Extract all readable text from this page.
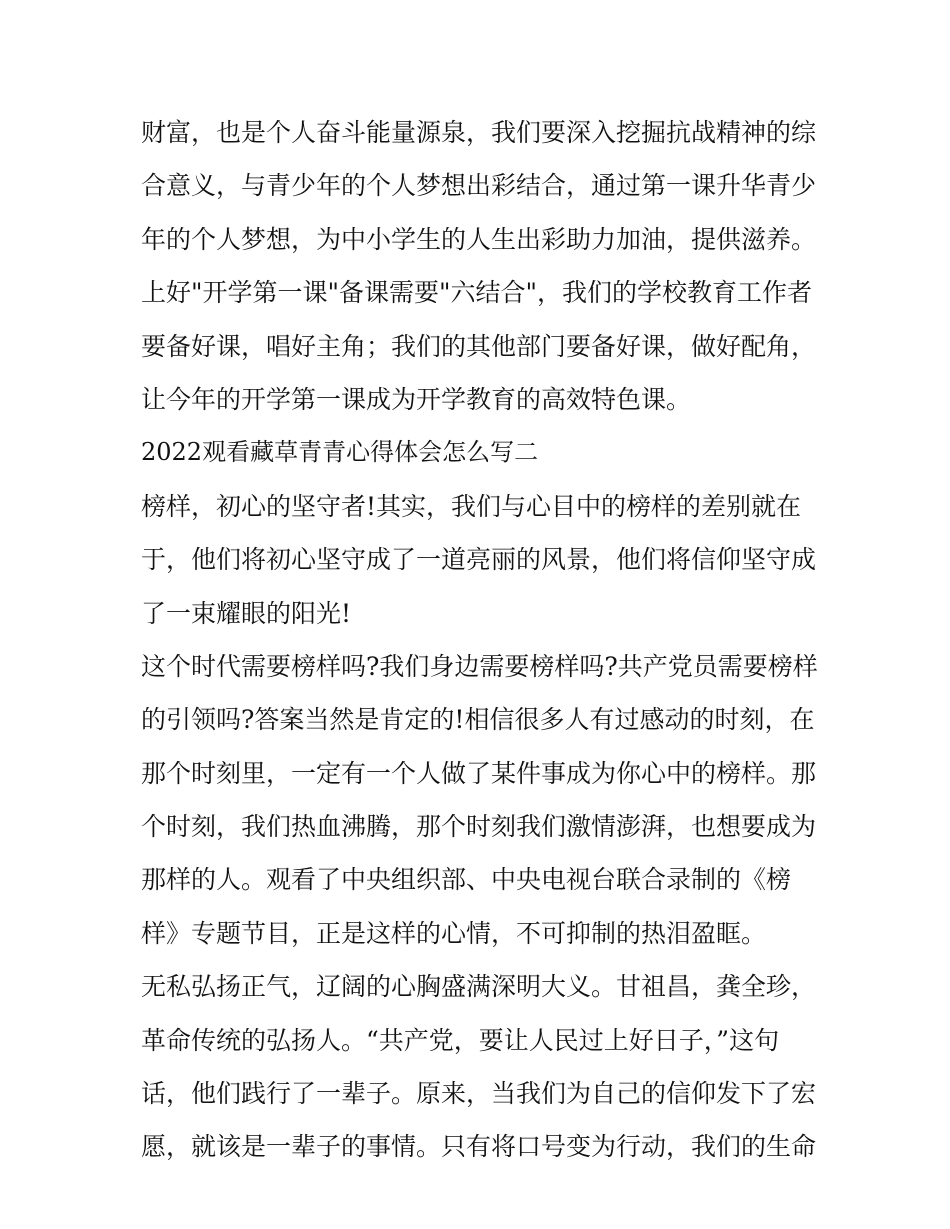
财富，也是个人奋斗能量源泉，我们要深入挖掘抗战精神的综
合意义，与青少年的个人梦想出彩结合，通过第一课升华青少
年的个人梦想，为中小学生的人生出彩助力加油，提供滋养。
上好"开学第一课"备课需要"六结合"，我们的学校教育工作者
要备好课，唱好主角；我们的其他部门要备好课，做好配角，
让今年的开学第一课成为开学教育的高效特色课。
2022观看藏草青青心得体会怎么写二
榜样，初心的坚守者!其实，我们与心目中的榜样的差别就在
于，他们将初心坚守成了一道亮丽的风景，他们将信仰坚守成
了一束耀眼的阳光!
这个时代需要榜样吗?我们身边需要榜样吗?共产党员需要榜样
的引领吗?答案当然是肯定的!相信很多人有过感动的时刻，在
那个时刻里，一定有一个人做了某件事成为你心中的榜样。那
个时刻，我们热血沸腾，那个时刻我们激情澎湃，也想要成为
那样的人。观看了中央组织部、中央电视台联合录制的《榜
样》专题节目，正是这样的心情，不可抑制的热泪盈眶。
无私弘扬正气，辽阔的心胸盛满深明大义。甘祖昌，龚全珍，
革命传统的弘扬人。“共产党，要让人民过上好日子，”这句
话，他们践行了一辈子。原来，当我们为自己的信仰发下了宏
愿，就该是一辈子的事情。只有将口号变为行动，我们的生命
